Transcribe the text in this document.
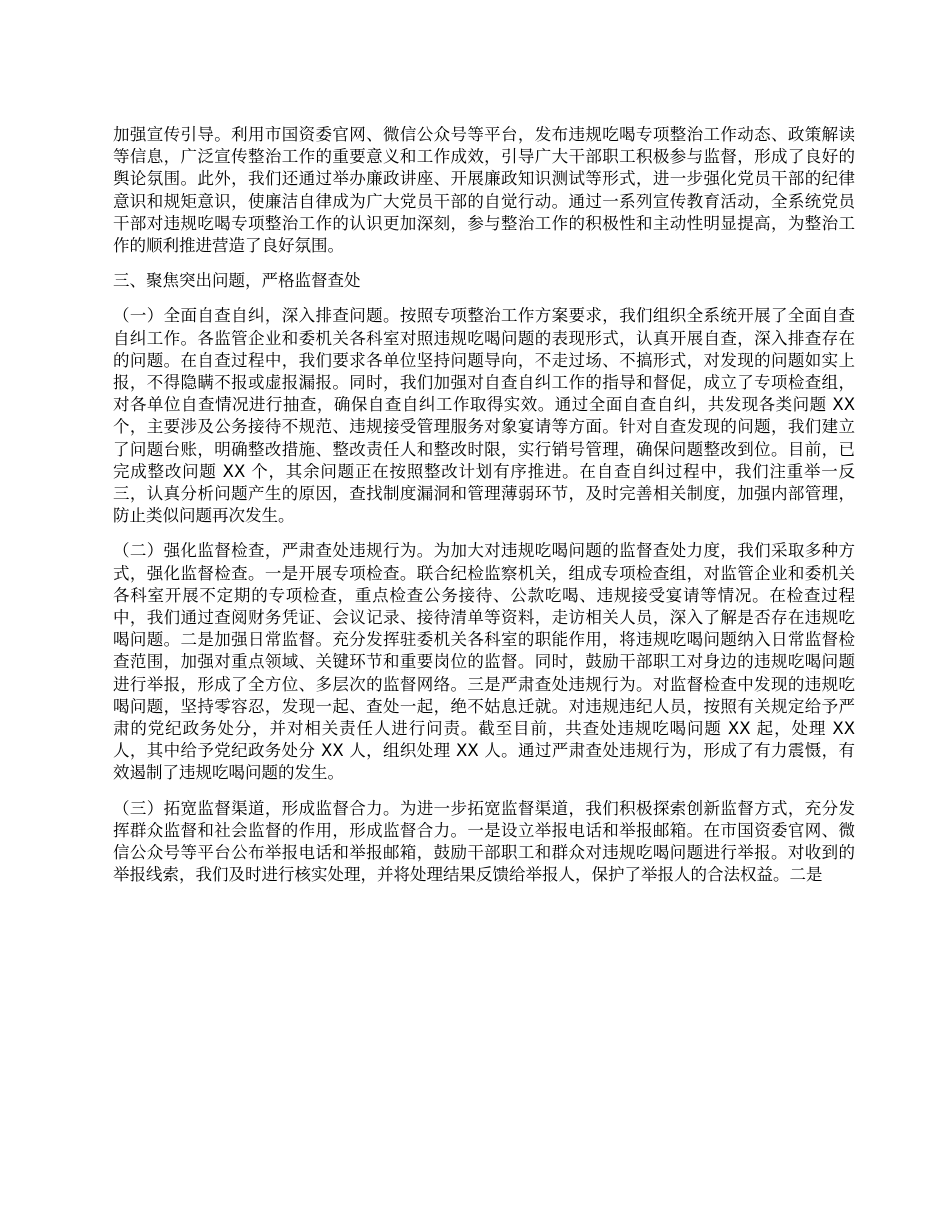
加强宣传引导。利用市国资委官网、微信公众号等平台，发布违规吃喝专项整治工作动态、政策解读等信息，广泛宣传整治工作的重要意义和工作成效，引导广大干部职工积极参与监督，形成了良好的舆论氛围。此外，我们还通过举办廉政讲座、开展廉政知识测试等形式，进一步强化党员干部的纪律意识和规矩意识，使廉洁自律成为广大党员干部的自觉行动。通过一系列宣传教育活动，全系统党员干部对违规吃喝专项整治工作的认识更加深刻，参与整治工作的积极性和主动性明显提高，为整治工作的顺利推进营造了良好氛围。

三、聚焦突出问题，严格监督查处

（一）全面自查自纠，深入排查问题。按照专项整治工作方案要求，我们组织全系统开展了全面自查自纠工作。各监管企业和委机关各科室对照违规吃喝问题的表现形式，认真开展自查，深入排查存在的问题。在自查过程中，我们要求各单位坚持问题导向，不走过场、不搞形式，对发现的问题如实上报，不得隐瞒不报或虚报漏报。同时，我们加强对自查自纠工作的指导和督促，成立了专项检查组，对各单位自查情况进行抽查，确保自查自纠工作取得实效。通过全面自查自纠，共发现各类问题 XX 个，主要涉及公务接待不规范、违规接受管理服务对象宴请等方面。针对自查发现的问题，我们建立了问题台账，明确整改措施、整改责任人和整改时限，实行销号管理，确保问题整改到位。目前，已完成整改问题 XX 个，其余问题正在按照整改计划有序推进。在自查自纠过程中，我们注重举一反三，认真分析问题产生的原因，查找制度漏洞和管理薄弱环节，及时完善相关制度，加强内部管理，防止类似问题再次发生。

（二）强化监督检查，严肃查处违规行为。为加大对违规吃喝问题的监督查处力度，我们采取多种方式，强化监督检查。一是开展专项检查。联合纪检监察机关，组成专项检查组，对监管企业和委机关各科室开展不定期的专项检查，重点检查公务接待、公款吃喝、违规接受宴请等情况。在检查过程中，我们通过查阅财务凭证、会议记录、接待清单等资料，走访相关人员，深入了解是否存在违规吃喝问题。二是加强日常监督。充分发挥驻委机关各科室的职能作用，将违规吃喝问题纳入日常监督检查范围，加强对重点领域、关键环节和重要岗位的监督。同时，鼓励干部职工对身边的违规吃喝问题进行举报，形成了全方位、多层次的监督网络。三是严肃查处违规行为。对监督检查中发现的违规吃喝问题，坚持零容忍，发现一起、查处一起，绝不姑息迁就。对违规违纪人员，按照有关规定给予严肃的党纪政务处分，并对相关责任人进行问责。截至目前，共查处违规吃喝问题 XX 起，处理 XX 人，其中给予党纪政务处分 XX 人，组织处理 XX 人。通过严肃查处违规行为，形成了有力震慑，有效遏制了违规吃喝问题的发生。

（三）拓宽监督渠道，形成监督合力。为进一步拓宽监督渠道，我们积极探索创新监督方式，充分发挥群众监督和社会监督的作用，形成监督合力。一是设立举报电话和举报邮箱。在市国资委官网、微信公众号等平台公布举报电话和举报邮箱，鼓励干部职工和群众对违规吃喝问题进行举报。对收到的举报线索，我们及时进行核实处理，并将处理结果反馈给举报人，保护了举报人的合法权益。二是
